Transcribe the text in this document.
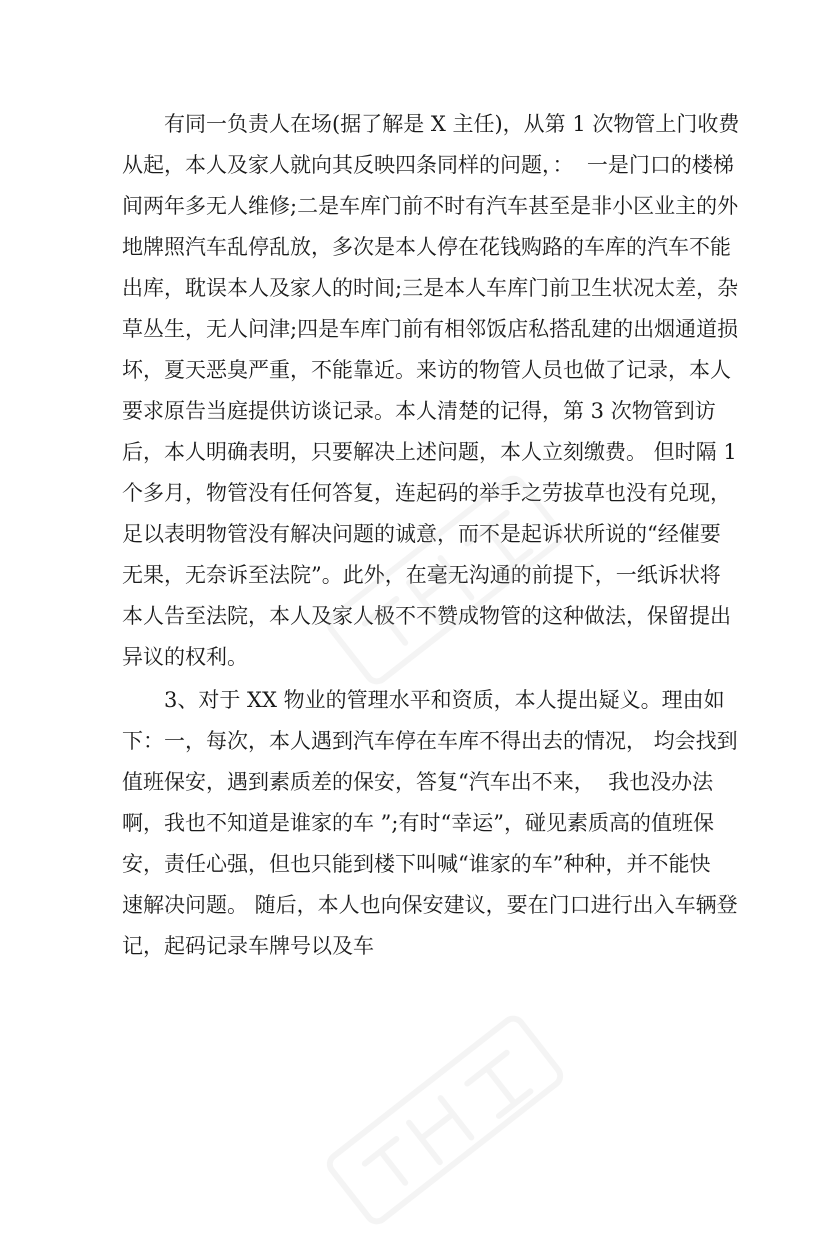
有同一负责人在场(据了解是 X 主任)，从第 1 次物管上门收费
从起，本人及家人就向其反映四条同样的问题，：  一是门口的楼梯
间两年多无人维修;二是车库门前不时有汽车甚至是非小区业主的外
地牌照汽车乱停乱放，多次是本人停在花钱购路的车库的汽车不能
出库，耽误本人及家人的时间;三是本人车库门前卫生状况太差，杂
草丛生，无人问津;四是车库门前有相邻饭店私搭乱建的出烟通道损
坏，夏天恶臭严重，不能靠近。来访的物管人员也做了记录，本人
要求原告当庭提供访谈记录。本人清楚的记得，第 3 次物管到访
后，本人明确表明，只要解决上述问题，本人立刻缴费。 但时隔 1
个多月，物管没有任何答复，连起码的举手之劳拔草也没有兑现，
足以表明物管没有解决问题的诚意，而不是起诉状所说的“经催要
无果，无奈诉至法院”。此外，在毫无沟通的前提下，一纸诉状将
本人告至法院，本人及家人极不不赞成物管的这种做法，保留提出
异议的权利。

3、对于 XX 物业的管理水平和资质，本人提出疑义。理由如
下：一，每次，本人遇到汽车停在车库不得出去的情况， 均会找到
值班保安，遇到素质差的保安，答复“汽车出不来，  我也没办法
啊，我也不知道是谁家的车 ”;有时“幸运”，碰见素质高的值班保
安，责任心强，但也只能到楼下叫喊“谁家的车”种种，并不能快
速解决问题。 随后，本人也向保安建议，要在门口进行出入车辆登
记，起码记录车牌号以及车
